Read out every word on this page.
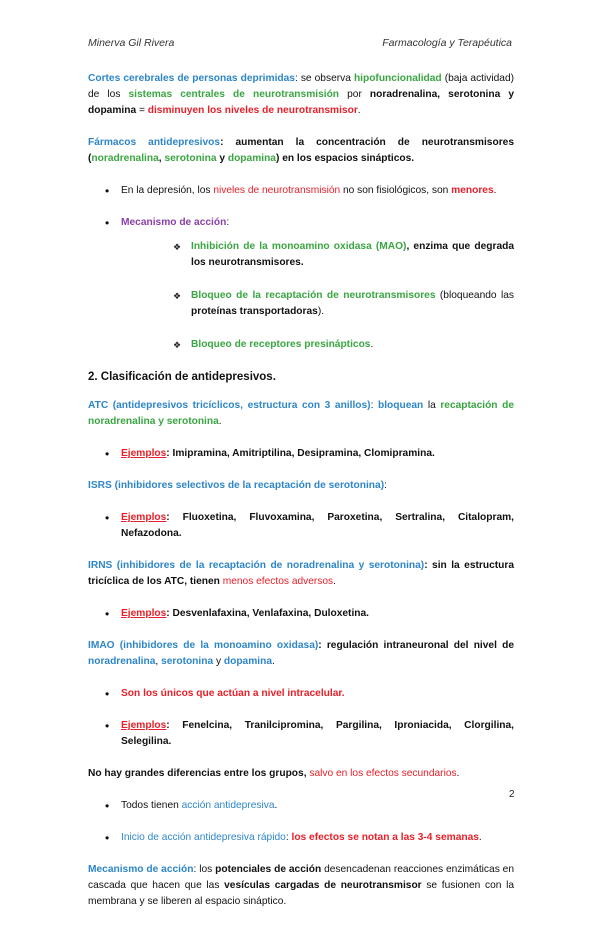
Minerva Gil Rivera	Farmacología y Terapéutica

Cortes cerebrales de personas deprimidas: se observa hipofuncionalidad (baja actividad) de los sistemas centrales de neurotransmisión por noradrenalina, serotonina y dopamina = disminuyen los niveles de neurotransmisor.

Fármacos antidepresivos: aumentan la concentración de neurotransmisores (noradrenalina, serotonina y dopamina) en los espacios sinápticos.

• En la depresión, los niveles de neurotransmisión no son fisiológicos, son menores.
• Mecanismo de acción:
❖ Inhibición de la monoamino oxidasa (MAO), enzima que degrada los neurotransmisores.
❖ Bloqueo de la recaptación de neurotransmisores (bloqueando las proteínas transportadoras).
❖ Bloqueo de receptores presinápticos.
2. Clasificación de antidepresivos.

ATC (antidepresivos tricíclicos, estructura con 3 anillos): bloquean la recaptación de noradrenalina y serotonina.

• Ejemplos: Imipramina, Amitriptilina, Desipramina, Clomipramina.

ISRS (inhibidores selectivos de la recaptación de serotonina):

• Ejemplos: Fluoxetina, Fluvoxamina, Paroxetina, Sertralina, Citalopram, Nefazodona.

IRNS (inhibidores de la recaptación de noradrenalina y serotonina): sin la estructura tricíclica de los ATC, tienen menos efectos adversos.

• Ejemplos: Desvenlafaxina, Venlafaxina, Duloxetina.

IMAO (inhibidores de la monoamino oxidasa): regulación intraneuronal del nivel de noradrenalina, serotonina y dopamina.

• Son los únicos que actúan a nivel intracelular.
• Ejemplos: Fenelcina, Tranilcipromina, Pargilina, Iproniacida, Clorgilina, Selegilina.

No hay grandes diferencias entre los grupos, salvo en los efectos secundarios.

• Todos tienen acción antidepresiva.
• Inicio de acción antidepresiva rápido: los efectos se notan a las 3-4 semanas.

Mecanismo de acción: los potenciales de acción desencadenan reacciones enzimáticas en cascada que hacen que las vesículas cargadas de neurotransmisor se fusionen con la membrana y se liberen al espacio sináptico.

2
